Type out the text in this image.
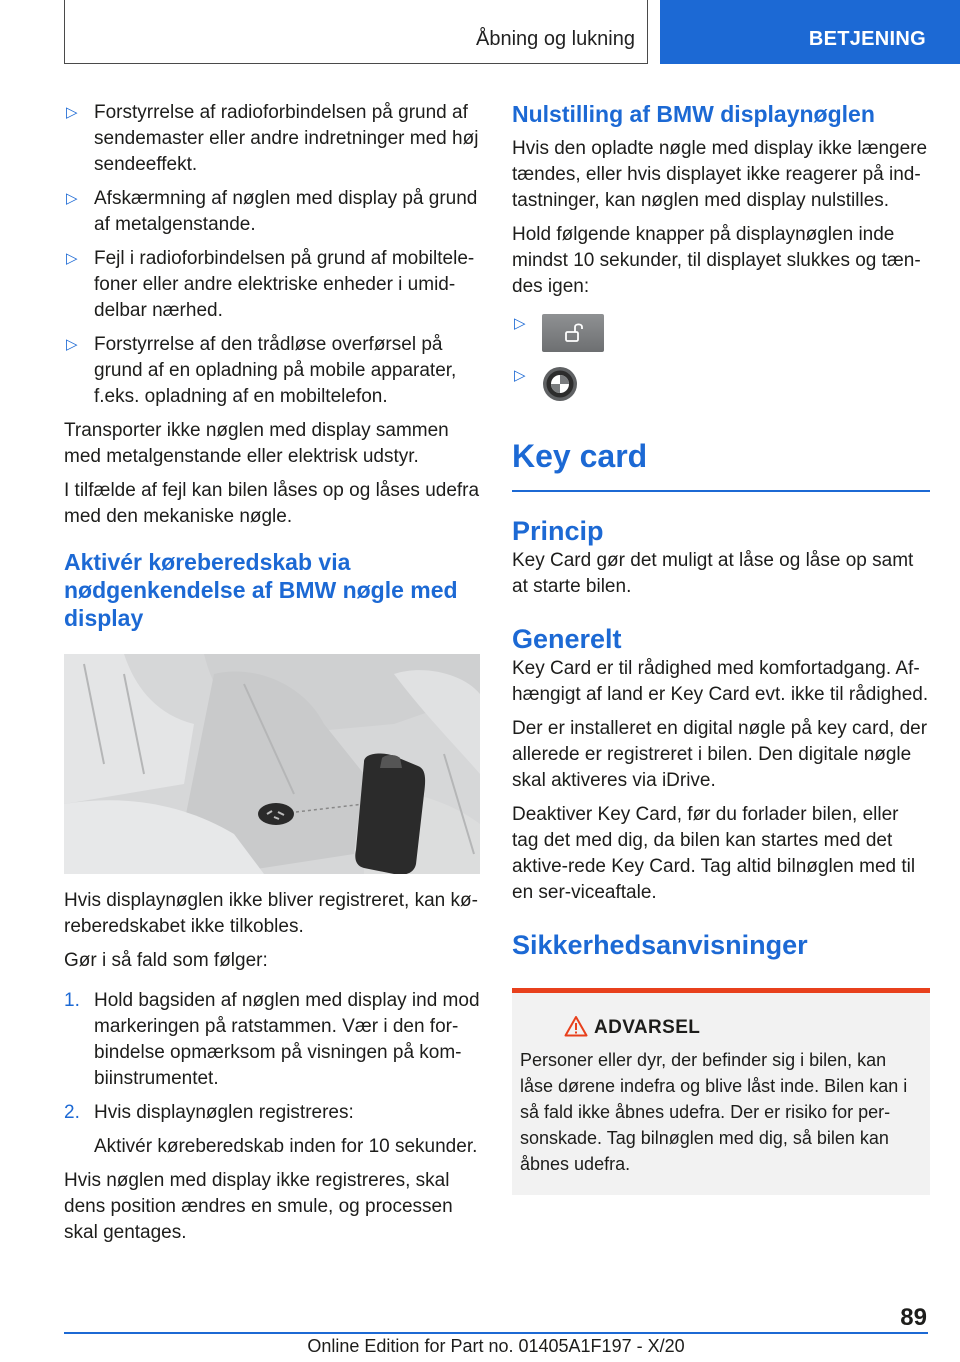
Åbning og lukning	BETJENING
▷ Forstyrrelse af radioforbindelsen på grund af sendemaster eller andre indretninger med høj sendeeffekt.
▷ Afskærmning af nøglen med display på grund af metalgenstande.
▷ Fejl i radioforbindelsen på grund af mobiltele-foner eller andre elektriske enheder i umid-delbar nærhed.
▷ Forstyrrelse af den trådløse overførsel på grund af en opladning på mobile apparater, f.eks. opladning af en mobiltelefon.

Transporter ikke nøglen med display sammen med metalgenstande eller elektrisk udstyr.

I tilfælde af fejl kan bilen låses op og låses udefra med den mekaniske nøgle.

Aktivér køreberedskab via nødgenkendelse af BMW nøgle med display

Hvis displaynøglen ikke bliver registreret, kan kø-reberedskabet ikke tilkobles.

Gør i så fald som følger:

1. Hold bagsiden af nøglen med display ind mod markeringen på ratstammen. Vær i den for-bindelse opmærksom på visningen på kom-biinstrumentet.
2. Hvis displaynøglen registreres:
Aktivér køreberedskab inden for 10 sekunder.

Hvis nøglen med display ikke registreres, skal dens position ændres en smule, og processen skal gentages.

Nulstilling af BMW displaynøglen

Hvis den opladte nøgle med display ikke længere tændes, eller hvis displayet ikke reagerer på ind-tastninger, kan nøglen med display nulstilles.

Hold følgende knapper på displaynøglen inde mindst 10 sekunder, til displayet slukkes og tæn-des igen:

▷
▷
Key card
Princip

Key Card gør det muligt at låse og låse op samt at starte bilen.

Generelt

Key Card er til rådighed med komfortadgang. Af-hængigt af land er Key Card evt. ikke til rådighed.

Der er installeret en digital nøgle på key card, der allerede er registreret i bilen. Den digitale nøgle skal aktiveres via iDrive.

Deaktiver Key Card, før du forlader bilen, eller tag det med dig, da bilen kan startes med det aktive-rede Key Card. Tag altid bilnøglen med til en ser-viceaftale.

Sikkerhedsanvisninger
ADVARSEL

Personer eller dyr, der befinder sig i bilen, kan låse dørene indefra og blive låst inde. Bilen kan i så fald ikke åbnes udefra. Der er risiko for per-sonskade. Tag bilnøglen med dig, så bilen kan åbnes udefra.

89
Online Edition for Part no. 01405A1F197 - X/20
